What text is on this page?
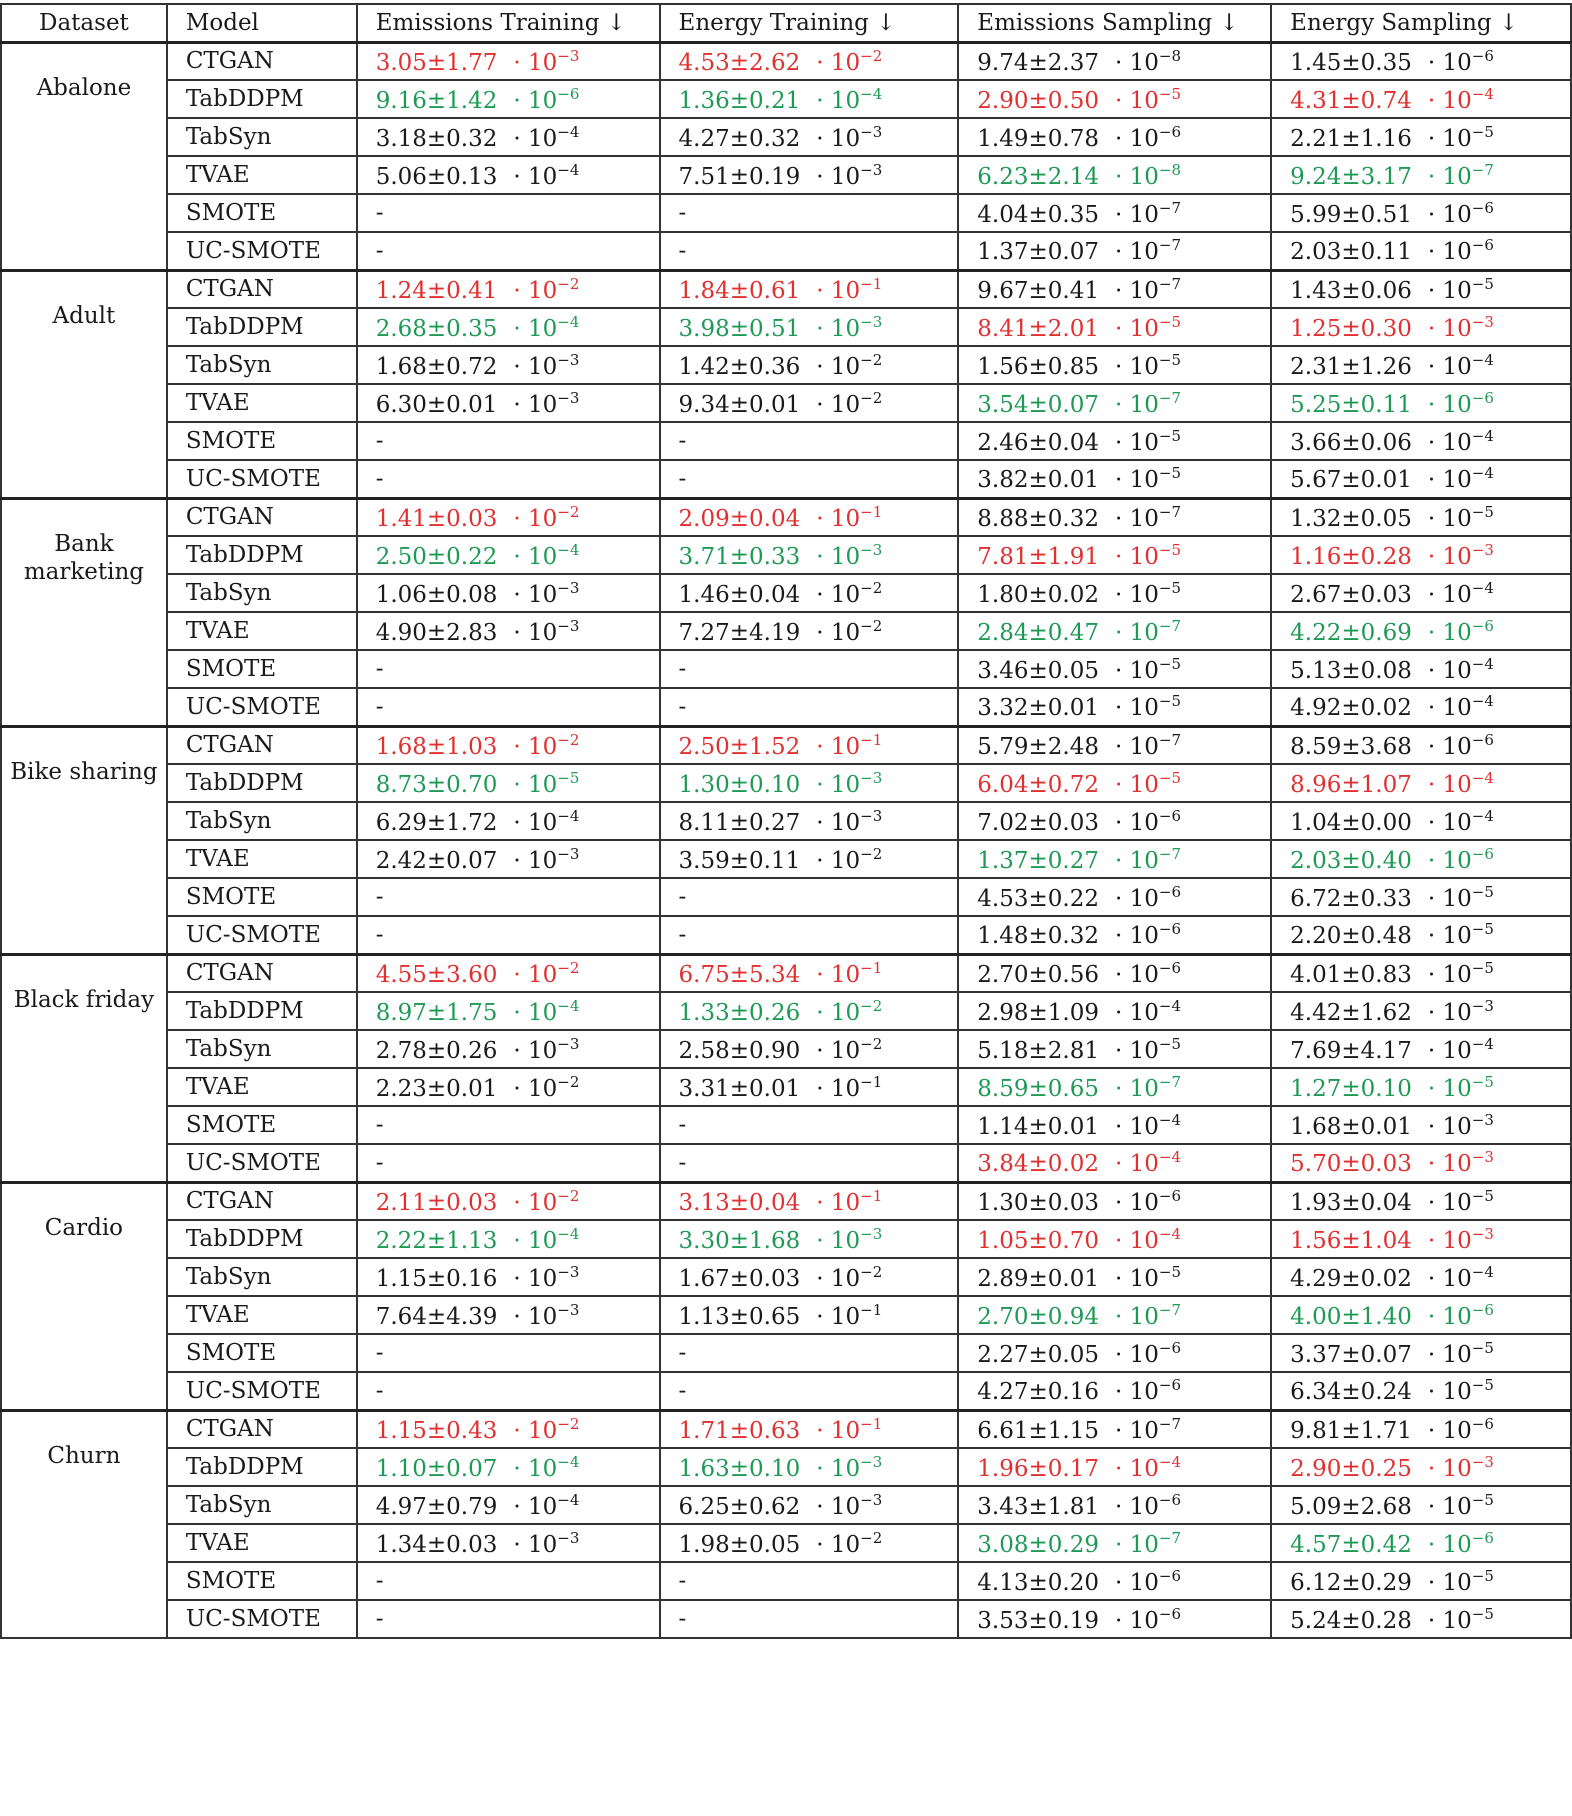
Dataset	Model	Emissions Training ↓	Energy Training ↓	Emissions Sampling ↓	Energy Sampling ↓
Abalone	CTGAN	$3.05\pm 1.77 \cdot 10^{-3}$	$4.53\pm 2.62 \cdot 10^{-2}$	$9.74\pm 2.37 \cdot 10^{-8}$	$1.45\pm 0.35 \cdot 10^{-6}$
	TabDDPM	$9.16\pm 1.42 \cdot 10^{-6}$	$1.36\pm 0.21 \cdot 10^{-4}$	$2.90\pm 0.50 \cdot 10^{-5}$	$4.31\pm 0.74 \cdot 10^{-4}$
	TabSyn	$3.18\pm 0.32 \cdot 10^{-4}$	$4.27\pm 0.32 \cdot 10^{-3}$	$1.49\pm 0.78 \cdot 10^{-6}$	$2.21\pm 1.16 \cdot 10^{-5}$
	TVAE	$5.06\pm 0.13 \cdot 10^{-4}$	$7.51\pm 0.19 \cdot 10^{-3}$	$6.23\pm 2.14 \cdot 10^{-8}$	$9.24\pm 3.17 \cdot 10^{-7}$
	SMOTE	-	-	$4.04\pm 0.35 \cdot 10^{-7}$	$5.99\pm 0.51 \cdot 10^{-6}$
	UC-SMOTE	-	-	$1.37\pm 0.07 \cdot 10^{-7}$	$2.03\pm 0.11 \cdot 10^{-6}$
Adult	CTGAN	$1.24\pm 0.41 \cdot 10^{-2}$	$1.84\pm 0.61 \cdot 10^{-1}$	$9.67\pm 0.41 \cdot 10^{-7}$	$1.43\pm 0.06 \cdot 10^{-5}$
	TabDDPM	$2.68\pm 0.35 \cdot 10^{-4}$	$3.98\pm 0.51 \cdot 10^{-3}$	$8.41\pm 2.01 \cdot 10^{-5}$	$1.25\pm 0.30 \cdot 10^{-3}$
	TabSyn	$1.68\pm 0.72 \cdot 10^{-3}$	$1.42\pm 0.36 \cdot 10^{-2}$	$1.56\pm 0.85 \cdot 10^{-5}$	$2.31\pm 1.26 \cdot 10^{-4}$
	TVAE	$6.30\pm 0.01 \cdot 10^{-3}$	$9.34\pm 0.01 \cdot 10^{-2}$	$3.54\pm 0.07 \cdot 10^{-7}$	$5.25\pm 0.11 \cdot 10^{-6}$
	SMOTE	-	-	$2.46\pm 0.04 \cdot 10^{-5}$	$3.66\pm 0.06 \cdot 10^{-4}$
	UC-SMOTE	-	-	$3.82\pm 0.01 \cdot 10^{-5}$	$5.67\pm 0.01 \cdot 10^{-4}$
Bank marketing	CTGAN	$1.41\pm 0.03 \cdot 10^{-2}$	$2.09\pm 0.04 \cdot 10^{-1}$	$8.88\pm 0.32 \cdot 10^{-7}$	$1.32\pm 0.05 \cdot 10^{-5}$
	TabDDPM	$2.50\pm 0.22 \cdot 10^{-4}$	$3.71\pm 0.33 \cdot 10^{-3}$	$7.81\pm 1.91 \cdot 10^{-5}$	$1.16\pm 0.28 \cdot 10^{-3}$
	TabSyn	$1.06\pm 0.08 \cdot 10^{-3}$	$1.46\pm 0.04 \cdot 10^{-2}$	$1.80\pm 0.02 \cdot 10^{-5}$	$2.67\pm 0.03 \cdot 10^{-4}$
	TVAE	$4.90\pm 2.83 \cdot 10^{-3}$	$7.27\pm 4.19 \cdot 10^{-2}$	$2.84\pm 0.47 \cdot 10^{-7}$	$4.22\pm 0.69 \cdot 10^{-6}$
	SMOTE	-	-	$3.46\pm 0.05 \cdot 10^{-5}$	$5.13\pm 0.08 \cdot 10^{-4}$
	UC-SMOTE	-	-	$3.32\pm 0.01 \cdot 10^{-5}$	$4.92\pm 0.02 \cdot 10^{-4}$
Bike sharing	CTGAN	$1.68\pm 1.03 \cdot 10^{-2}$	$2.50\pm 1.52 \cdot 10^{-1}$	$5.79\pm 2.48 \cdot 10^{-7}$	$8.59\pm 3.68 \cdot 10^{-6}$
	TabDDPM	$8.73\pm 0.70 \cdot 10^{-5}$	$1.30\pm 0.10 \cdot 10^{-3}$	$6.04\pm 0.72 \cdot 10^{-5}$	$8.96\pm 1.07 \cdot 10^{-4}$
	TabSyn	$6.29\pm 1.72 \cdot 10^{-4}$	$8.11\pm 0.27 \cdot 10^{-3}$	$7.02\pm 0.03 \cdot 10^{-6}$	$1.04\pm 0.00 \cdot 10^{-4}$
	TVAE	$2.42\pm 0.07 \cdot 10^{-3}$	$3.59\pm 0.11 \cdot 10^{-2}$	$1.37\pm 0.27 \cdot 10^{-7}$	$2.03\pm 0.40 \cdot 10^{-6}$
	SMOTE	-	-	$4.53\pm 0.22 \cdot 10^{-6}$	$6.72\pm 0.33 \cdot 10^{-5}$
	UC-SMOTE	-	-	$1.48\pm 0.32 \cdot 10^{-6}$	$2.20\pm 0.48 \cdot 10^{-5}$
Black friday	CTGAN	$4.55\pm 3.60 \cdot 10^{-2}$	$6.75\pm 5.34 \cdot 10^{-1}$	$2.70\pm 0.56 \cdot 10^{-6}$	$4.01\pm 0.83 \cdot 10^{-5}$
	TabDDPM	$8.97\pm 1.75 \cdot 10^{-4}$	$1.33\pm 0.26 \cdot 10^{-2}$	$2.98\pm 1.09 \cdot 10^{-4}$	$4.42\pm 1.62 \cdot 10^{-3}$
	TabSyn	$2.78\pm 0.26 \cdot 10^{-3}$	$2.58\pm 0.90 \cdot 10^{-2}$	$5.18\pm 2.81 \cdot 10^{-5}$	$7.69\pm 4.17 \cdot 10^{-4}$
	TVAE	$2.23\pm 0.01 \cdot 10^{-2}$	$3.31\pm 0.01 \cdot 10^{-1}$	$8.59\pm 0.65 \cdot 10^{-7}$	$1.27\pm 0.10 \cdot 10^{-5}$
	SMOTE	-	-	$1.14\pm 0.01 \cdot 10^{-4}$	$1.68\pm 0.01 \cdot 10^{-3}$
	UC-SMOTE	-	-	$3.84\pm 0.02 \cdot 10^{-4}$	$5.70\pm 0.03 \cdot 10^{-3}$
Cardio	CTGAN	$2.11\pm 0.03 \cdot 10^{-2}$	$3.13\pm 0.04 \cdot 10^{-1}$	$1.30\pm 0.03 \cdot 10^{-6}$	$1.93\pm 0.04 \cdot 10^{-5}$
	TabDDPM	$2.22\pm 1.13 \cdot 10^{-4}$	$3.30\pm 1.68 \cdot 10^{-3}$	$1.05\pm 0.70 \cdot 10^{-4}$	$1.56\pm 1.04 \cdot 10^{-3}$
	TabSyn	$1.15\pm 0.16 \cdot 10^{-3}$	$1.67\pm 0.03 \cdot 10^{-2}$	$2.89\pm 0.01 \cdot 10^{-5}$	$4.29\pm 0.02 \cdot 10^{-4}$
	TVAE	$7.64\pm 4.39 \cdot 10^{-3}$	$1.13\pm 0.65 \cdot 10^{-1}$	$2.70\pm 0.94 \cdot 10^{-7}$	$4.00\pm 1.40 \cdot 10^{-6}$
	SMOTE	-	-	$2.27\pm 0.05 \cdot 10^{-6}$	$3.37\pm 0.07 \cdot 10^{-5}$
	UC-SMOTE	-	-	$4.27\pm 0.16 \cdot 10^{-6}$	$6.34\pm 0.24 \cdot 10^{-5}$
Churn	CTGAN	$1.15\pm 0.43 \cdot 10^{-2}$	$1.71\pm 0.63 \cdot 10^{-1}$	$6.61\pm 1.15 \cdot 10^{-7}$	$9.81\pm 1.71 \cdot 10^{-6}$
	TabDDPM	$1.10\pm 0.07 \cdot 10^{-4}$	$1.63\pm 0.10 \cdot 10^{-3}$	$1.96\pm 0.17 \cdot 10^{-4}$	$2.90\pm 0.25 \cdot 10^{-3}$
	TabSyn	$4.97\pm 0.79 \cdot 10^{-4}$	$6.25\pm 0.62 \cdot 10^{-3}$	$3.43\pm 1.81 \cdot 10^{-6}$	$5.09\pm 2.68 \cdot 10^{-5}$
	TVAE	$1.34\pm 0.03 \cdot 10^{-3}$	$1.98\pm 0.05 \cdot 10^{-2}$	$3.08\pm 0.29 \cdot 10^{-7}$	$4.57\pm 0.42 \cdot 10^{-6}$
	SMOTE	-	-	$4.13\pm 0.20 \cdot 10^{-6}$	$6.12\pm 0.29 \cdot 10^{-5}$
	UC-SMOTE	-	-	$3.53\pm 0.19 \cdot 10^{-6}$	$5.24\pm 0.28 \cdot 10^{-5}$
